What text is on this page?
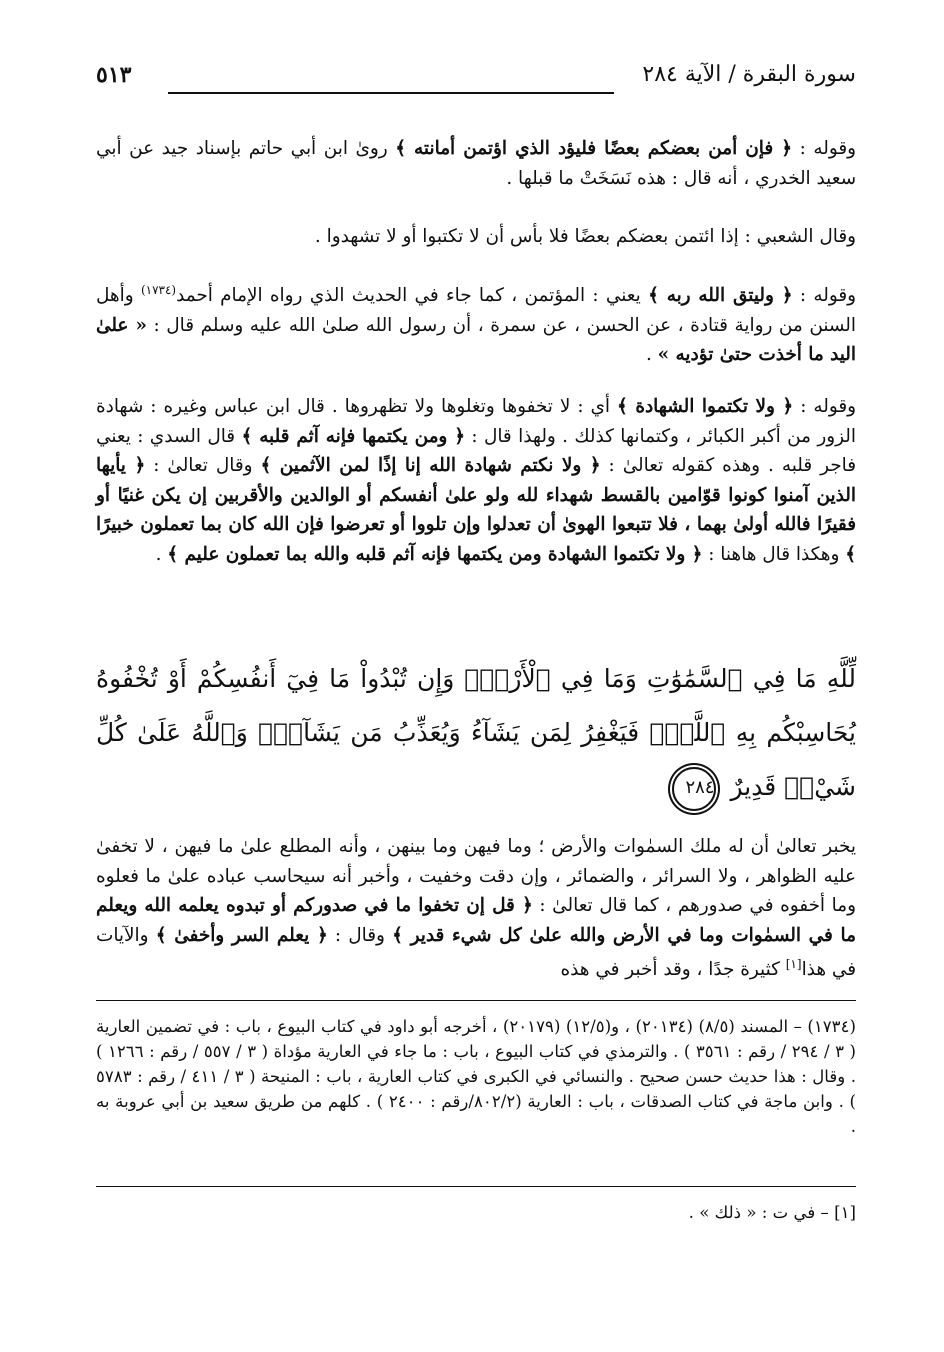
سورة البقرة / الآية ٢٨٤
٥١٣

وقوله : ﴿ فإن أمن بعضكم بعضًا فليؤد الذي اؤتمن أمانته ﴾ روىٰ ابن أبي حاتم بإسناد جيد عن أبي سعيد الخدري ، أنه قال : هذه نَسَخَتْ ما قبلها .

وقال الشعبي : إذا ائتمن بعضكم بعضًا فلا بأس أن لا تكتبوا أو لا تشهدوا .

وقوله : ﴿ وليتق الله ربه ﴾ يعني : المؤتمن ، كما جاء في الحديث الذي رواه الإمام أحمد$^{(١٧٣٤)}$ وأهل السنن من رواية قتادة ، عن الحسن ، عن سمرة ، أن رسول الله صلىٰ الله عليه وسلم قال : « علىٰ اليد ما أخذت حتىٰ تؤديه » .

وقوله : ﴿ ولا تكتموا الشهادة ﴾ أي : لا تخفوها وتغلوها ولا تظهروها . قال ابن عباس وغيره : شهادة الزور من أكبر الكبائر ، وكتمانها كذلك . ولهذا قال : ﴿ ومن يكتمها فإنه آثم قلبه ﴾ قال السدي : يعني فاجر قلبه . وهذه كقوله تعالىٰ : ﴿ ولا نكتم شهادة الله إنا إذًا لمن الآثمين ﴾ وقال تعالىٰ : ﴿ يأيها الذين آمنوا كونوا قوّامين بالقسط شهداء لله ولو علىٰ أنفسكم أو الوالدين والأقربين إن يكن غنيًا أو فقيرًا فالله أولىٰ بهما ، فلا تتبعوا الهوىٰ أن تعدلوا وإن تلووا أو تعرضوا فإن الله كان بما تعملون خبيرًا ﴾ وهكذا قال هاهنا : ﴿ ولا تكتموا الشهادة ومن يكتمها فإنه آثم قلبه والله بما تعملون عليم ﴾ .

لِّلَّهِ مَا فِي ٱلسَّمَٰوَٰتِ وَمَا فِي ٱلْأَرْضِۗ وَإِن تُبْدُواْ مَا فِيٓ أَنفُسِكُمْ أَوْ تُخْفُوهُ يُحَاسِبْكُم بِهِ ٱللَّهُۖ فَيَغْفِرُ لِمَن يَشَآءُ وَيُعَذِّبُ مَن يَشَآءُۗ وَٱللَّهُ عَلَىٰ كُلِّ شَيْءٖ قَدِيرٌ ٢٨٤

يخبر تعالىٰ أن له ملك السمٰوات والأرض ؛ وما فيهن وما بينهن ، وأنه المطلع علىٰ ما فيهن ، لا تخفىٰ عليه الظواهر ، ولا السرائر ، والضمائر ، وإن دقت وخفيت ، وأخبر أنه سيحاسب عباده علىٰ ما فعلوه وما أخفوه في صدورهم ، كما قال تعالىٰ : ﴿ قل إن تخفوا ما في صدوركم أو تبدوه يعلمه الله ويعلم ما في السمٰوات وما في الأرض والله علىٰ كل شيء قدير ﴾ وقال : ﴿ يعلم السر وأخفىٰ ﴾ والآيات في هذا[١] كثيرة جدًا ، وقد أخبر في هذه

(١٧٣٤) – المسند (٨/٥) (٢٠١٣٤) ، و(١٢/٥) (٢٠١٧٩) ، أخرجه أبو داود في كتاب البيوع ، باب : في تضمين العارية ( ٣ / ٢٩٤ / رقم : ٣٥٦١ ) . والترمذي في كتاب البيوع ، باب : ما جاء في العارية مؤداة ( ٣ / ٥٥٧ / رقم : ١٢٦٦ ) . وقال : هذا حديث حسن صحيح . والنسائي في الكبرى في كتاب العارية ، باب : المنيحة ( ٣ / ٤١١ / رقم : ٥٧٨٣ ) . وابن ماجة في كتاب الصدقات ، باب : العارية (٨٠٢/٢/رقم : ٢٤٠٠ ) . كلهم من طريق سعيد بن أبي عروبة به .

[١] – في ت : « ذلك » .
